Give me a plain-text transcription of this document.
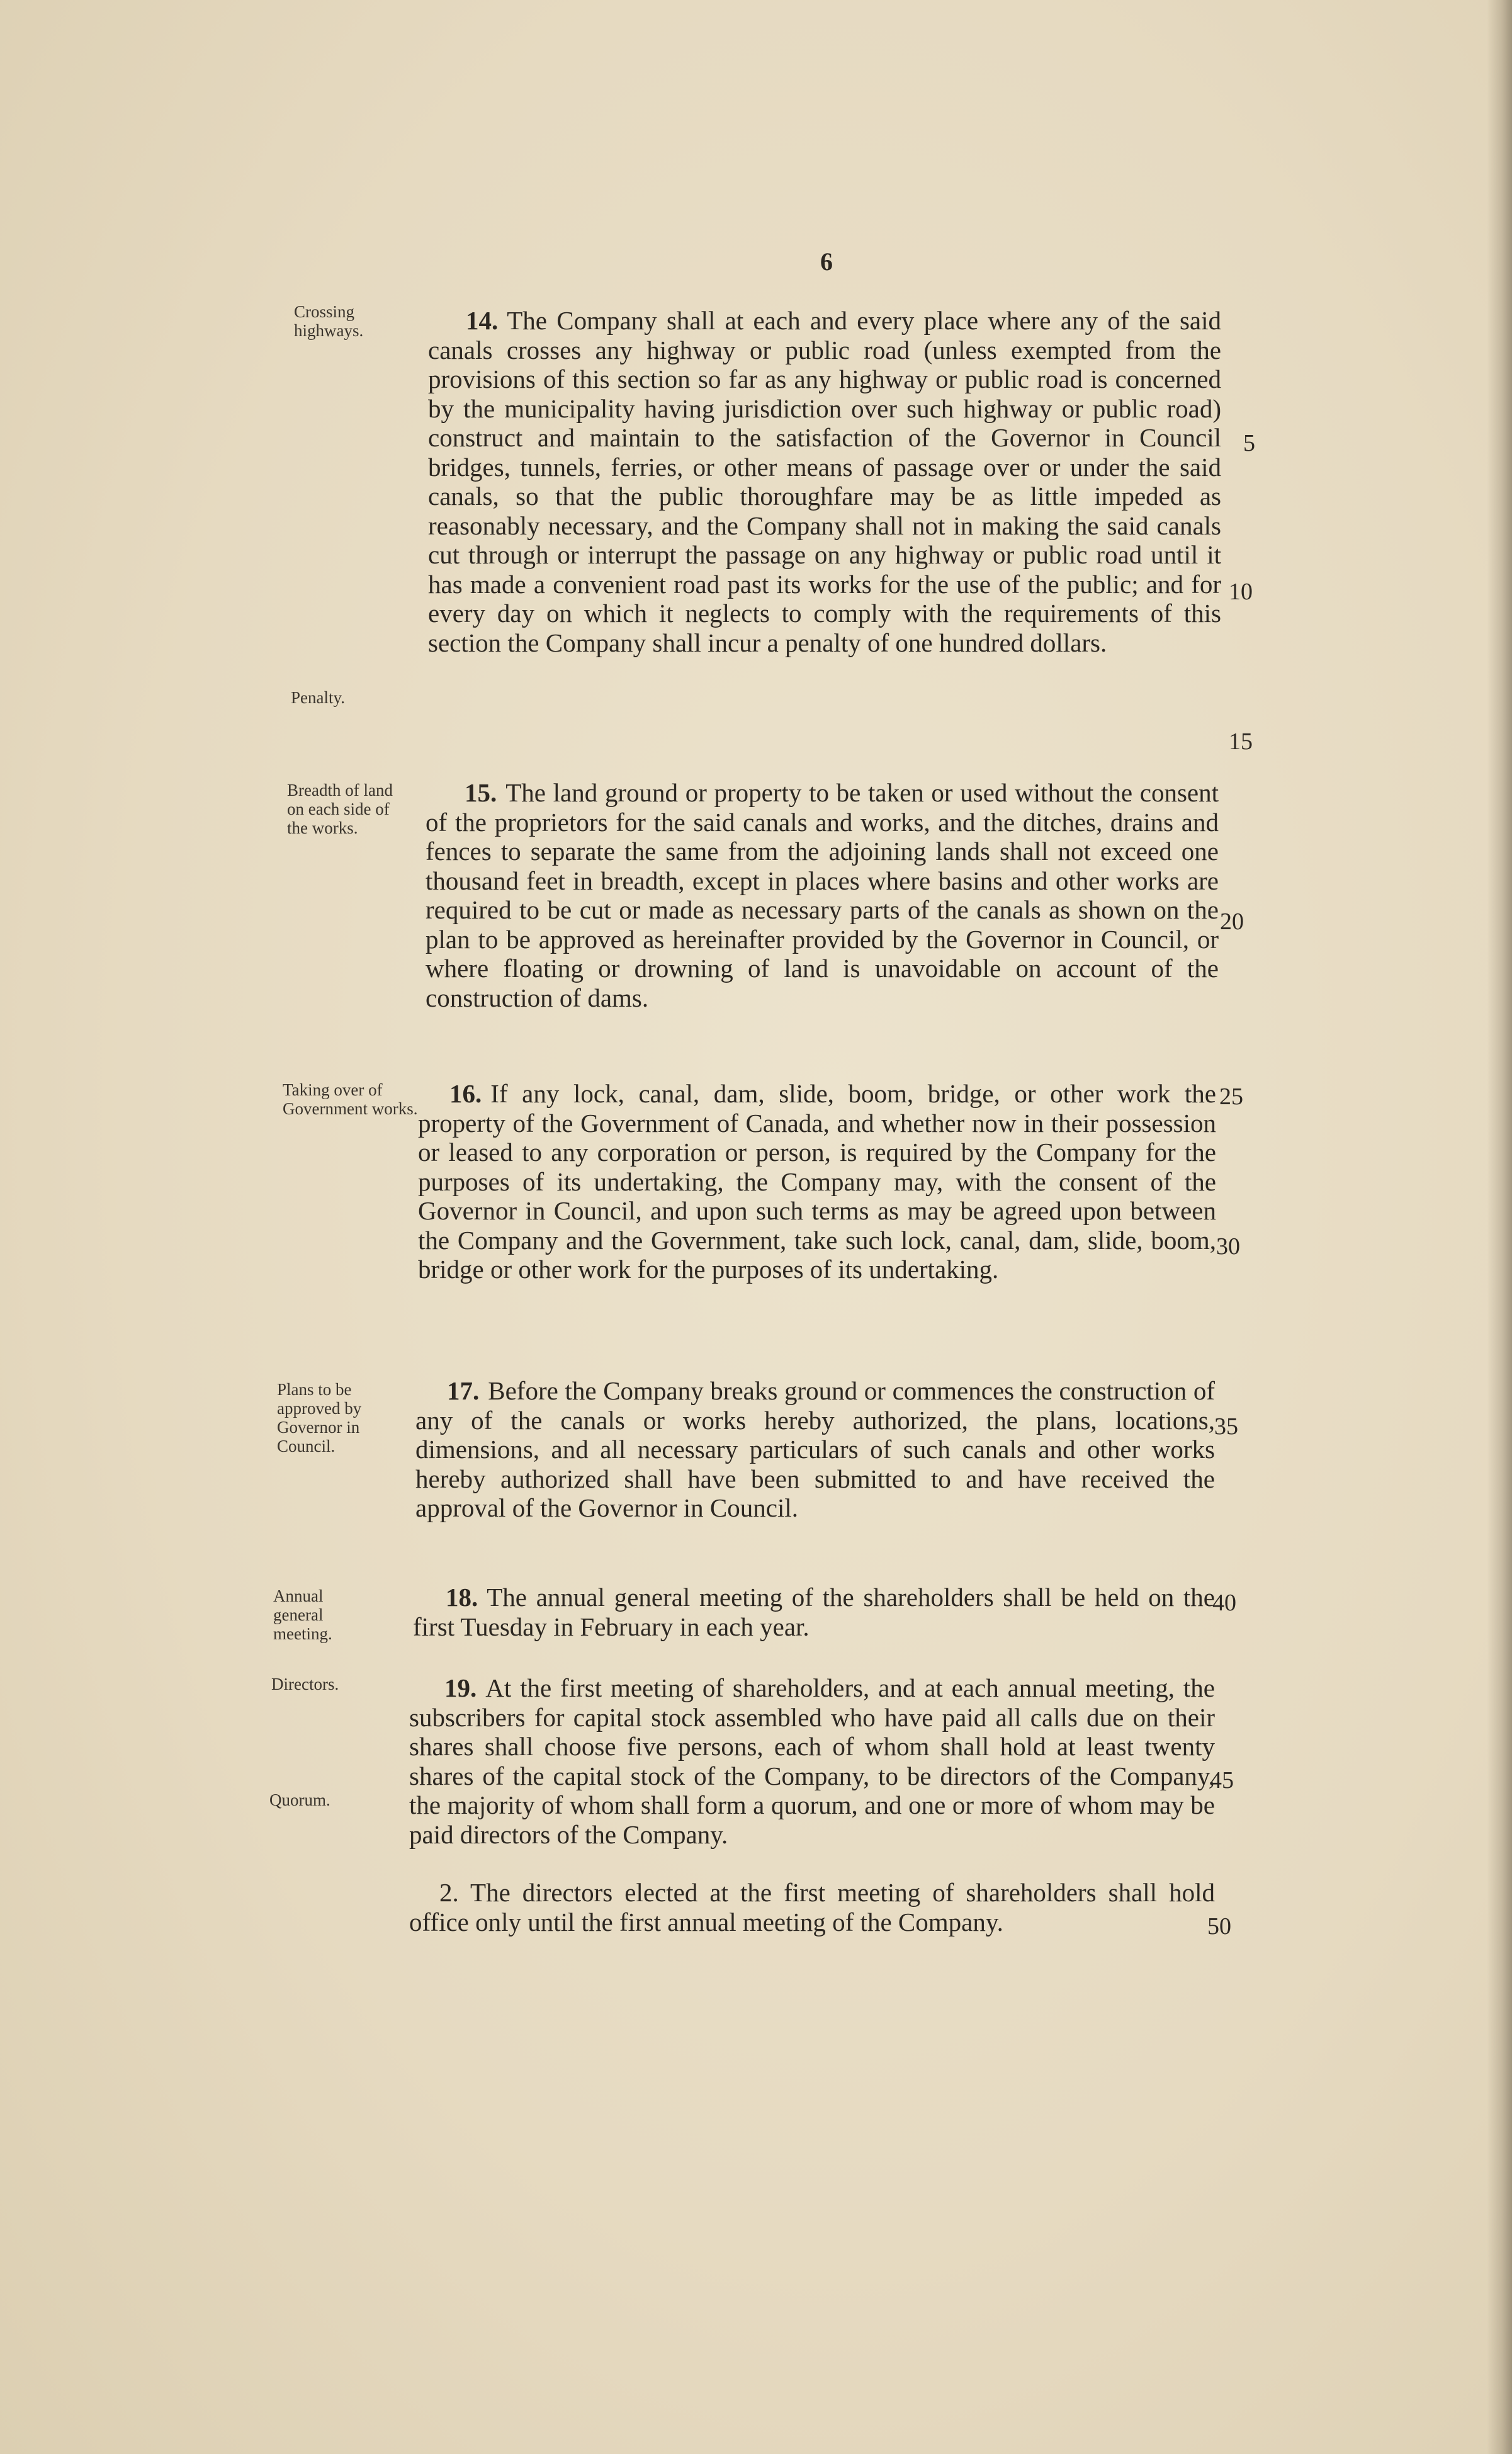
6
Crossing highways.
Penalty.
14. The Company shall at each and every place where any of the said canals crosses any highway or public road (unless exempted from the provisions of this section so far as any highway or public road is concerned by the municipality having jurisdiction over such highway or public road) construct and maintain to the satisfaction of the Governor in Council bridges, tunnels, ferries, or other means of passage over or under the said canals, so that the public thoroughfare may be as little impeded as reasonably necessary, and the Company shall not in making the said canals cut through or interrupt the passage on any highway or public road until it has made a convenient road past its works for the use of the public; and for every day on which it neglects to comply with the requirements of this section the Company shall incur a penalty of one hundred dollars.
Breadth of land on each side of the works.
15. The land ground or property to be taken or used without the consent of the proprietors for the said canals and works, and the ditches, drains and fences to separate the same from the adjoining lands shall not exceed one thousand feet in breadth, except in places where basins and other works are required to be cut or made as necessary parts of the canals as shown on the plan to be approved as hereinafter provided by the Governor in Council, or where floating or drowning of land is unavoidable on account of the construction of dams.
Taking over of Government works.
16. If any lock, canal, dam, slide, boom, bridge, or other work the property of the Government of Canada, and whether now in their possession or leased to any corporation or person, is required by the Company for the purposes of its undertaking, the Company may, with the consent of the Governor in Council, and upon such terms as may be agreed upon between the Company and the Government, take such lock, canal, dam, slide, boom, bridge or other work for the purposes of its undertaking.
Plans to be approved by Governor in Council.
17. Before the Company breaks ground or commences the construction of any of the canals or works hereby authorized, the plans, locations, dimensions, and all necessary particulars of such canals and other works hereby authorized shall have been submitted to and have received the approval of the Governor in Council.
Annual general meeting.
18. The annual general meeting of the shareholders shall be held on the first Tuesday in February in each year.
Directors.
Quorum.
19. At the first meeting of shareholders, and at each annual meeting, the subscribers for capital stock assembled who have paid all calls due on their shares shall choose five persons, each of whom shall hold at least twenty shares of the capital stock of the Company, to be directors of the Company, the majority of whom shall form a quorum, and one or more of whom may be paid directors of the Company.
2. The directors elected at the first meeting of shareholders shall hold office only until the first annual meeting of the Company.
5
10
15
20
25
30
35
40
45
50
